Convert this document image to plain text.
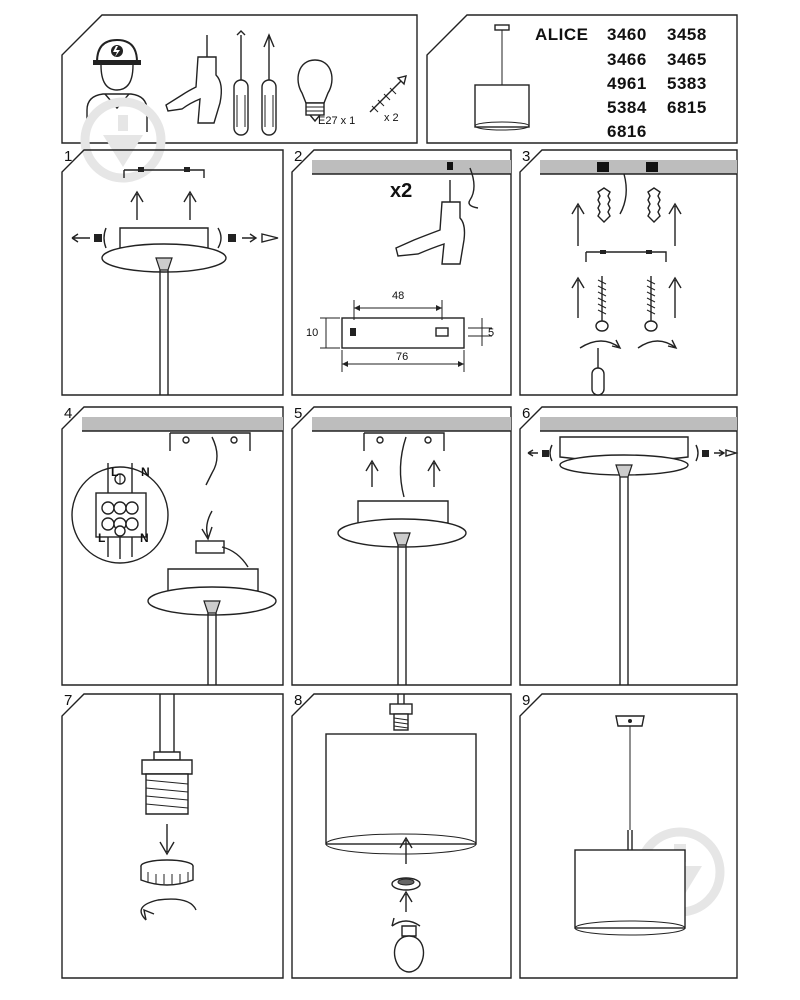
E27 x 1	x 2
ALICE 3460 3458
3466 3465
4961 5383
5384 6815
6816
1	2
x2
48
76
10	5
3
4
L N
L	N
5	6
7	8	9
